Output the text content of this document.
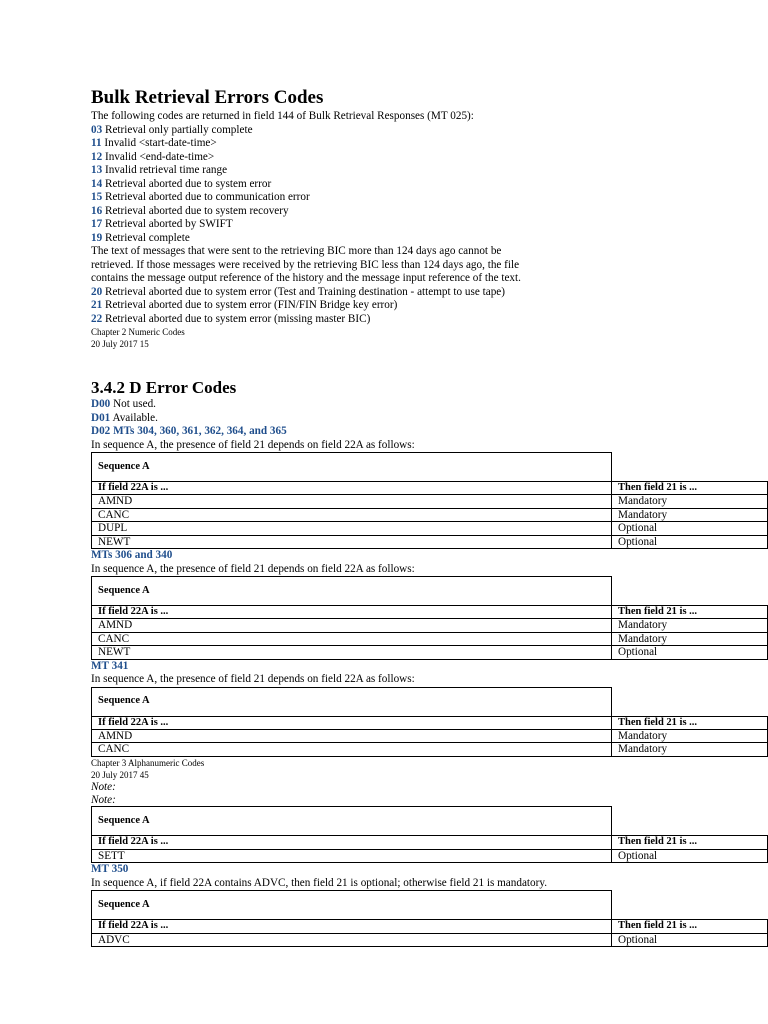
Bulk Retrieval Errors Codes
The following codes are returned in field 144 of Bulk Retrieval Responses (MT 025):
03 Retrieval only partially complete
11 Invalid <start-date-time>
12 Invalid <end-date-time>
13 Invalid retrieval time range
14 Retrieval aborted due to system error
15 Retrieval aborted due to communication error
16 Retrieval aborted due to system recovery
17 Retrieval aborted by SWIFT
19 Retrieval complete
The text of messages that were sent to the retrieving BIC more than 124 days ago cannot be retrieved. If those messages were received by the retrieving BIC less than 124 days ago, the file contains the message output reference of the history and the message input reference of the text.
20 Retrieval aborted due to system error (Test and Training destination - attempt to use tape)
21 Retrieval aborted due to system error (FIN/FIN Bridge key error)
22 Retrieval aborted due to system error (missing master BIC)
Chapter 2 Numeric Codes
20 July 2017 15
3.4.2 D Error Codes
D00 Not used.
D01 Available.
D02 MTs 304, 360, 361, 362, 364, and 365
In sequence A, the presence of field 21 depends on field 22A as follows:
Sequence A	
If field 22A is ...	Then field 21 is ...
AMND	Mandatory
CANC	Mandatory
DUPL	Optional
NEWT	Optional
MTs 306 and 340
In sequence A, the presence of field 21 depends on field 22A as follows:
Sequence A	
If field 22A is ...	Then field 21 is ...
AMND	Mandatory
CANC	Mandatory
NEWT	Optional
MT 341
In sequence A, the presence of field 21 depends on field 22A as follows:
Sequence A	
If field 22A is ...	Then field 21 is ...
AMND	Mandatory
CANC	Mandatory
Chapter 3 Alphanumeric Codes
20 July 2017 45
Note:
Note:
Sequence A	
If field 22A is ...	Then field 21 is ...
SETT	Optional
MT 350
In sequence A, if field 22A contains ADVC, then field 21 is optional; otherwise field 21 is mandatory.
Sequence A	
If field 22A is ...	Then field 21 is ...
ADVC	Optional
